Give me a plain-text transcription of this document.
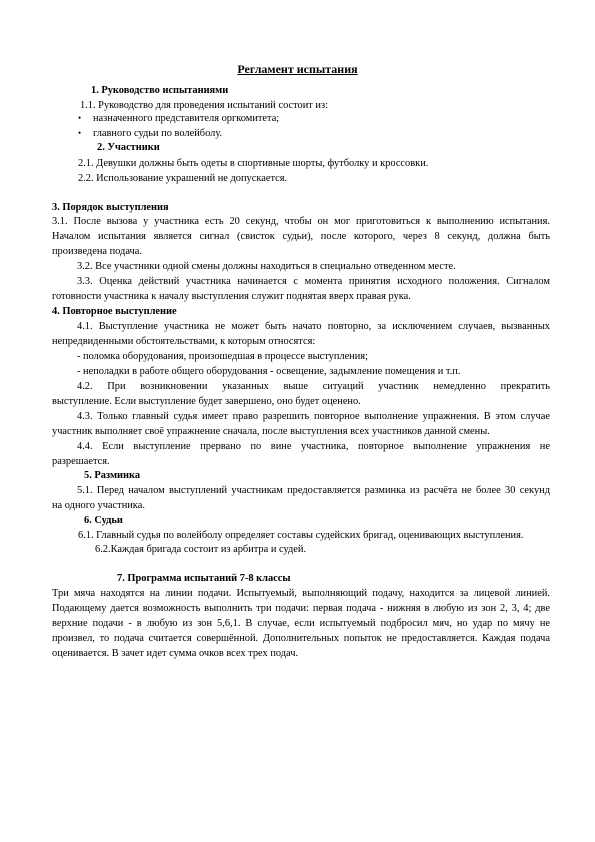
Регламент испытания
1. Руководство испытаниями
1.1. Руководство для проведения испытаний состоит из:
• назначенного представителя оргкомитета;
• главного судьи по волейболу.
2. Участники
2.1. Девушки должны быть одеты в спортивные шорты, футболку и кроссовки.
2.2. Использование украшений не допускается.
3. Порядок выступления
3.1. После вызова у участника есть 20 секунд, чтобы он мог приготовиться к выполнению испытания.
Началом испытания является сигнал (свисток судьи), после которого, через 8 секунд, должна быть
произведена подача.
3.2. Все участники одной смены должны находиться в специально отведенном месте.
3.3. Оценка действий участника начинается с момента принятия исходного положения. Сигналом
готовности участника к началу выступления служит поднятая вверх правая рука.
4. Повторное выступление
4.1. Выступление участника не может быть начато повторно, за исключением случаев, вызванных
непредвиденными обстоятельствами, к которым относятся:
- поломка оборудования, произошедшая в процессе выступления;
- неполадки в работе общего оборудования - освещение, задымление помещения и т.п.
4.2. При возникновении указанных выше ситуаций участник немедленно прекратить
выступление. Если выступление будет завершено, оно будет оценено.
4.3. Только главный судья имеет право разрешить повторное выполнение упражнения. В этом случае
участник выполняет своё упражнение сначала, после выступления всех участников данной смены.
4.4. Если выступление прервано по вине участника, повторное выполнение упражнения не
разрешается.
5. Разминка
5.1. Перед началом выступлений участникам предоставляется разминка из расчёта не более 30 секунд
на одного участника.
6. Судьи
6.1. Главный судья по волейболу определяет составы судейских бригад, оценивающих выступления.
6.2.Каждая бригада состоит из арбитра и судей.
7. Программа испытаний 7-8 классы
Три мяча находятся на линии подачи. Испытуемый, выполняющий подачу, находится за лицевой линией.
Подающему дается возможность выполнить три подачи: первая подача - нижняя в любую из зон 2, 3, 4; две
верхние подачи - в любую из зон 5,6,1. В случае, если испытуемый подбросил мяч, но удар по мячу не
произвел, то подача считается совершённой. Дополнительных попыток не предоставляется. Каждая подача
оценивается. В зачет идет сумма очков всех трех подач.
